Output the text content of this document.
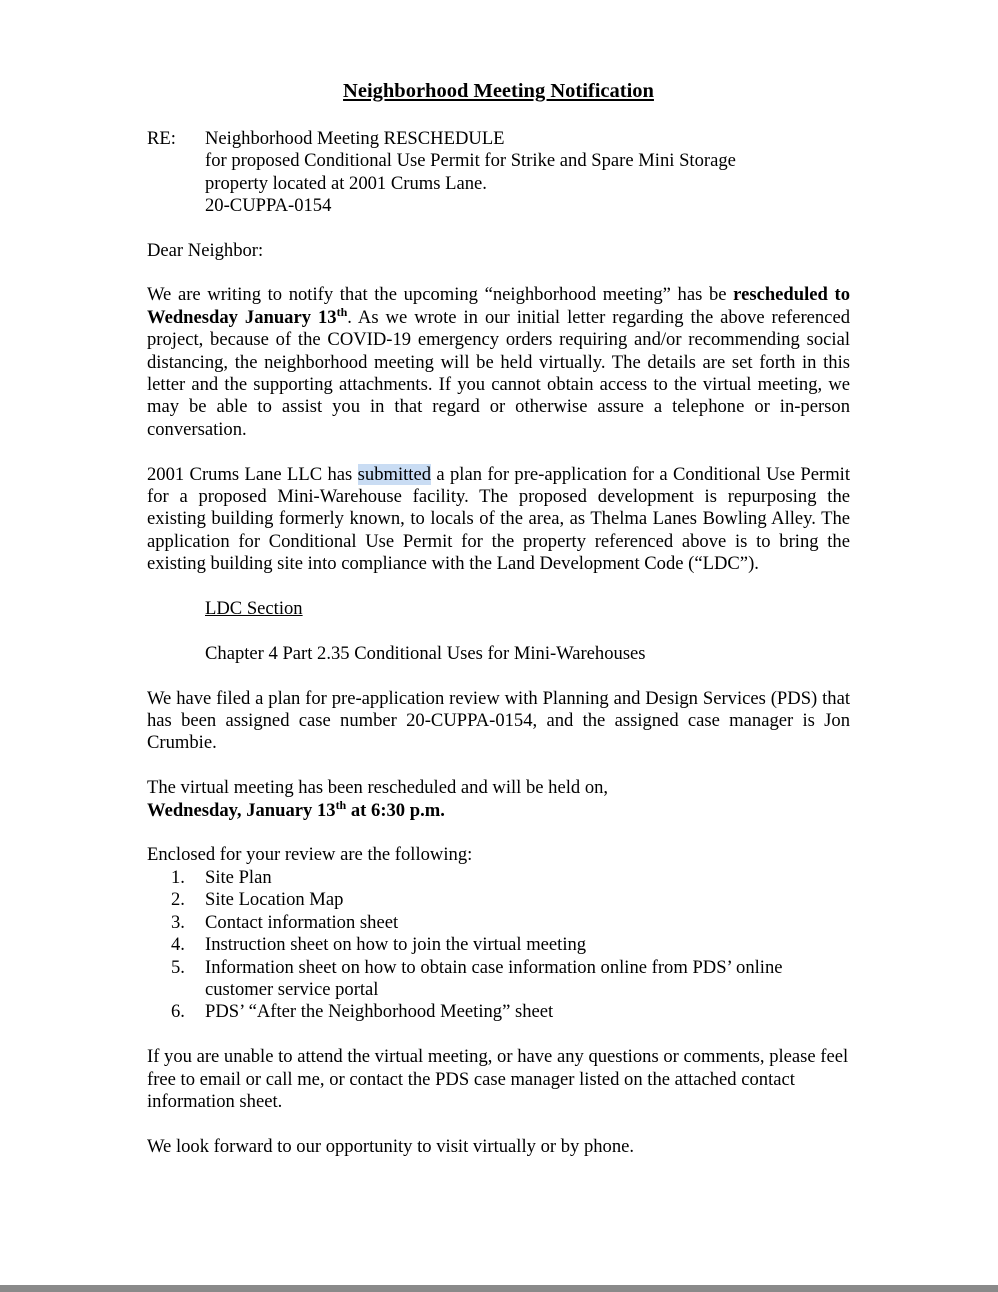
Neighborhood Meeting Notification
RE:	Neighborhood Meeting RESCHEDULE
for proposed Conditional Use Permit for Strike and Spare Mini Storage
property located at 2001 Crums Lane.
20-CUPPA-0154

Dear Neighbor:

We are writing to notify that the upcoming “neighborhood meeting” has be rescheduled to Wednesday January 13th. As we wrote in our initial letter regarding the above referenced project, because of the COVID-19 emergency orders requiring and/or recommending social distancing, the neighborhood meeting will be held virtually. The details are set forth in this letter and the supporting attachments. If you cannot obtain access to the virtual meeting, we may be able to assist you in that regard or otherwise assure a telephone or in-person conversation.

2001 Crums Lane LLC has submitted a plan for pre-application for a Conditional Use Permit for a proposed Mini-Warehouse facility. The proposed development is repurposing the existing building formerly known, to locals of the area, as Thelma Lanes Bowling Alley. The application for Conditional Use Permit for the property referenced above is to bring the existing building site into compliance with the Land Development Code (“LDC”).

LDC Section

Chapter 4 Part 2.35 Conditional Uses for Mini-Warehouses

We have filed a plan for pre-application review with Planning and Design Services (PDS) that has been assigned case number 20-CUPPA-0154, and the assigned case manager is Jon Crumbie.

The virtual meeting has been rescheduled and will be held on,
Wednesday, January 13th at 6:30 p.m.

Enclosed for your review are the following:
1.	Site Plan
2.	Site Location Map
3.	Contact information sheet
4.	Instruction sheet on how to join the virtual meeting
5.	Information sheet on how to obtain case information online from PDS’ online customer service portal
6.	PDS’ “After the Neighborhood Meeting” sheet

If you are unable to attend the virtual meeting, or have any questions or comments, please feel free to email or call me, or contact the PDS case manager listed on the attached contact information sheet.

We look forward to our opportunity to visit virtually or by phone.
